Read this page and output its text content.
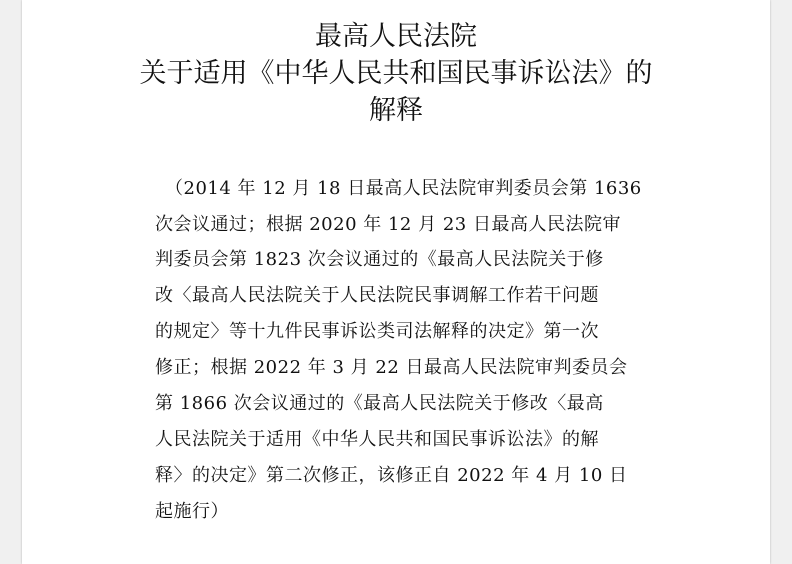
最高人民法院
关于适用《中华人民共和国民事诉讼法》的
解释
（2014 年 12 月 18 日最高人民法院审判委员会第 1636
次会议通过；根据 2020 年 12 月 23 日最高人民法院审
判委员会第 1823 次会议通过的《最高人民法院关于修
改〈最高人民法院关于人民法院民事调解工作若干问题
的规定〉等十九件民事诉讼类司法解释的决定》第一次
修正；根据 2022 年 3 月 22 日最高人民法院审判委员会
第 1866 次会议通过的《最高人民法院关于修改〈最高
人民法院关于适用《中华人民共和国民事诉讼法》的解
释〉的决定》第二次修正，该修正自 2022 年 4 月 10 日
起施行）
